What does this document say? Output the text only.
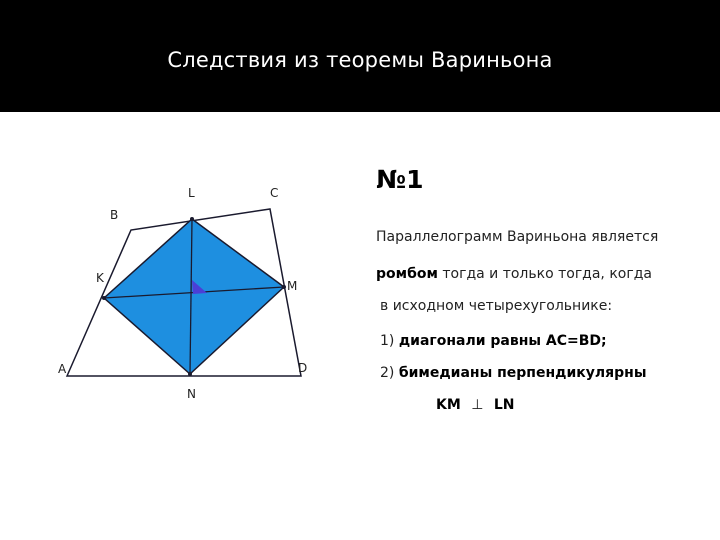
Следствия из теоремы Вариньона
L	C
B
K
M
A	D
N
№1
Параллелограмм Вариньона является
ромбом тогда и только тогда, когда
в исходном четырехугольнике:
1) диагонали равны AC=BD;
2) бимедианы перпендикулярны
KM ⊥ LN
